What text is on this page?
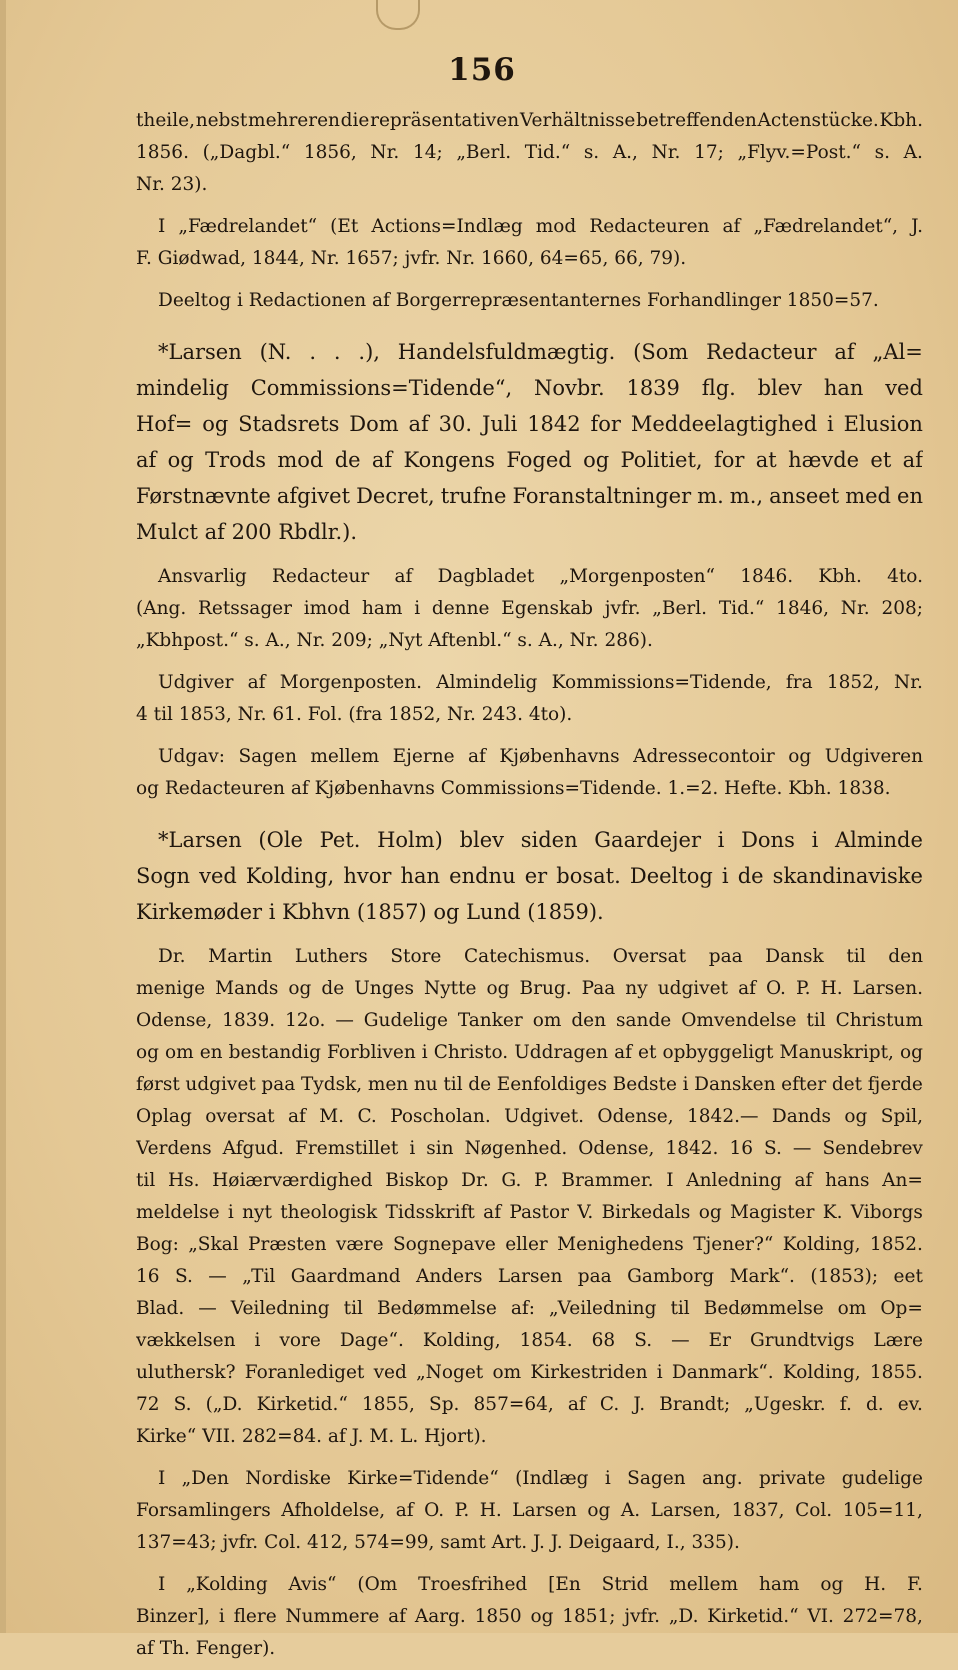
156
theile, nebst mehreren die repräsentativen Verhältnisse betreffenden Actenstücke. Kbh.
1856. („Dagbl.“ 1856, Nr. 14; „Berl. Tid.“ s. A., Nr. 17; „Flyv.=Post.“ s. A.
Nr. 23).
I „Fædrelandet“ (Et Actions=Indlæg mod Redacteuren af „Fædrelandet“, J.
F. Giødwad, 1844, Nr. 1657; jvfr. Nr. 1660, 64=65, 66, 79).
Deeltog i Redactionen af Borgerrepræsentanternes Forhandlinger 1850=57.
*Larsen (N. . . .), Handelsfuldmægtig. (Som Redacteur af „Al=
mindelig Commissions=Tidende“, Novbr. 1839 flg. blev han ved
Hof= og Stadsrets Dom af 30. Juli 1842 for Meddeelagtighed i Elusion
af og Trods mod de af Kongens Foged og Politiet, for at hævde et af
Førstnævnte afgivet Decret, trufne Foranstaltninger m. m., anseet med en
Mulct af 200 Rbdlr.).
Ansvarlig Redacteur af Dagbladet „Morgenposten“ 1846. Kbh. 4to.
(Ang. Retssager imod ham i denne Egenskab jvfr. „Berl. Tid.“ 1846, Nr. 208;
„Kbhpost.“ s. A., Nr. 209; „Nyt Aftenbl.“ s. A., Nr. 286).
Udgiver af Morgenposten. Almindelig Kommissions=Tidende, fra 1852, Nr.
4 til 1853, Nr. 61. Fol. (fra 1852, Nr. 243. 4to).
Udgav: Sagen mellem Ejerne af Kjøbenhavns Adressecontoir og Udgiveren
og Redacteuren af Kjøbenhavns Commissions=Tidende. 1.=2. Hefte. Kbh. 1838.
*Larsen (Ole Pet. Holm) blev siden Gaardejer i Dons i Alminde
Sogn ved Kolding, hvor han endnu er bosat. Deeltog i de skandinaviske
Kirkemøder i Kbhvn (1857) og Lund (1859).
Dr. Martin Luthers Store Catechismus. Oversat paa Dansk til den
menige Mands og de Unges Nytte og Brug. Paa ny udgivet af O. P. H. Larsen.
Odense, 1839. 12o. — Gudelige Tanker om den sande Omvendelse til Christum
og om en bestandig Forbliven i Christo. Uddragen af et opbyggeligt Manuskript, og
først udgivet paa Tydsk, men nu til de Eenfoldiges Bedste i Dansken efter det fjerde
Oplag oversat af M. C. Poscholan. Udgivet. Odense, 1842.— Dands og Spil,
Verdens Afgud. Fremstillet i sin Nøgenhed. Odense, 1842. 16 S. — Sendebrev
til Hs. Høiærværdighed Biskop Dr. G. P. Brammer. I Anledning af hans An=
meldelse i nyt theologisk Tidsskrift af Pastor V. Birkedals og Magister K. Viborgs
Bog: „Skal Præsten være Sognepave eller Menighedens Tjener?“ Kolding, 1852.
16 S. — „Til Gaardmand Anders Larsen paa Gamborg Mark“. (1853); eet
Blad. — Veiledning til Bedømmelse af: „Veiledning til Bedømmelse om Op=
vækkelsen i vore Dage“. Kolding, 1854. 68 S. — Er Grundtvigs Lære
uluthersk? Foranlediget ved „Noget om Kirkestriden i Danmark“. Kolding, 1855.
72 S. („D. Kirketid.“ 1855, Sp. 857=64, af C. J. Brandt; „Ugeskr. f. d. ev.
Kirke“ VII. 282=84. af J. M. L. Hjort).
I „Den Nordiske Kirke=Tidende“ (Indlæg i Sagen ang. private gudelige
Forsamlingers Afholdelse, af O. P. H. Larsen og A. Larsen, 1837, Col. 105=11,
137=43; jvfr. Col. 412, 574=99, samt Art. J. J. Deigaard, I., 335).
I „Kolding Avis“ (Om Troesfrihed [En Strid mellem ham og H. F.
Binzer], i flere Nummere af Aarg. 1850 og 1851; jvfr. „D. Kirketid.“ VI. 272=78,
af Th. Fenger).
